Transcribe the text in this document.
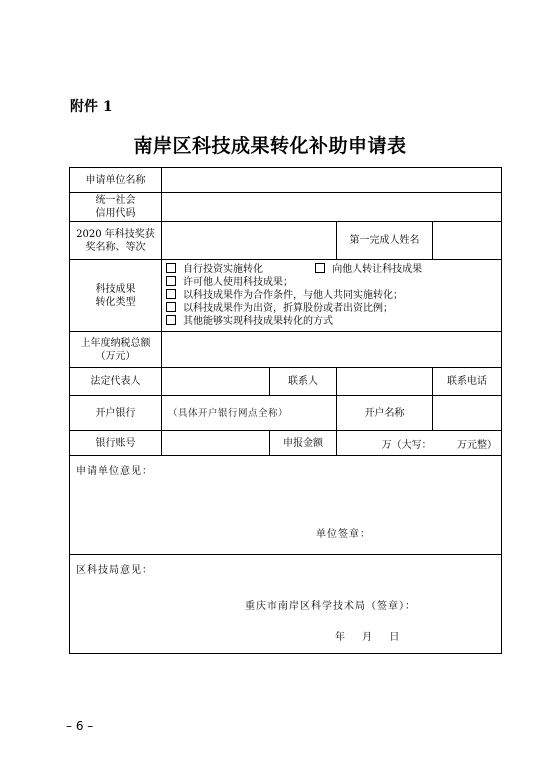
附件 1
南岸区科技成果转化补助申请表
申请单位名称				
统一社会
信用代码				
2020 年科技奖获
奖名称、等次			第一完成人姓名	
科技成果
转化类型	自行投资实施转化 向他人转让科技成果
许可他人使用科技成果；
以科技成果作为合作条件，与他人共同实施转化；
以科技成果作为出资，折算股份或者出资比例；
其他能够实现科技成果转化的方式			

上年度纳税总额
（万元）				
法定代表人		联系人		联系电话
开户银行	（具体开户银行网点全称）		开户名称	
银行账号		申报金额	万（大写：        万元整）	

申请单位意见：
单位签章：				

区科技局意见：
重庆市南岸区科学技术局（签章）：
年 月 日				
– 6 –
